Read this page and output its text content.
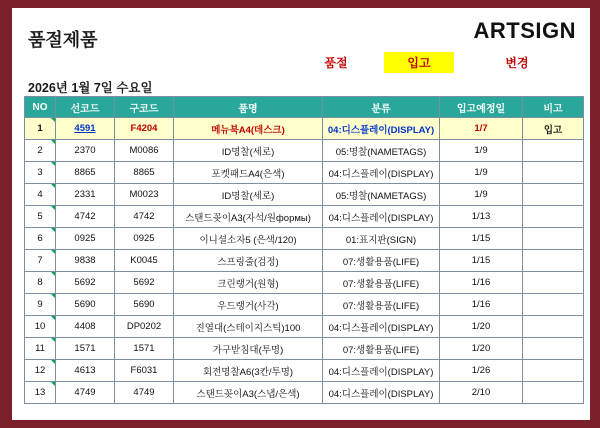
품절제품	ARTSIGN
품절	입고	변경
2026년 1월 7일 수요일
NO	선코드	구코드	품명	분류	입고예정일	비고
1	4591	F4204	메뉴북A4(데스크)	04:디스플레이(DISPLAY)	1/7	입고
2	2370	M0086	ID명찰(세로)	05:명찰(NAMETAGS)	1/9	
3	8865	8865	포켓패드A4(은색)	04:디스플레이(DISPLAY)	1/9	
4	2331	M0023	ID명찰(세로)	05:명찰(NAMETAGS)	1/9	
5	4742	4742	스탠드꽂이A3(자석/원формы)	04:디스플레이(DISPLAY)	1/13	
6	0925	0925	이니셜소자5 (은색/120)	01:표지판(SIGN)	1/15	
7	9838	K0045	스프링줄(검정)	07:생활용품(LIFE)	1/15	
8	5692	5692	크린랭거(원형)	07:생활용품(LIFE)	1/16	
9	5690	5690	우드랭거(사각)	07:생활용품(LIFE)	1/16	
10	4408	DP0202	진열대(스테이지스틱)100	04:디스플레이(DISPLAY)	1/20	
11	1571	1571	가구받침대(투명)	07:생활용품(LIFE)	1/20	
12	4613	F6031	회전명찰A6(3칸/투명)	04:디스플레이(DISPLAY)	1/26	
13	4749	4749	스탠드꽂이A3(스냅/은색)	04:디스플레이(DISPLAY)	2/10	
